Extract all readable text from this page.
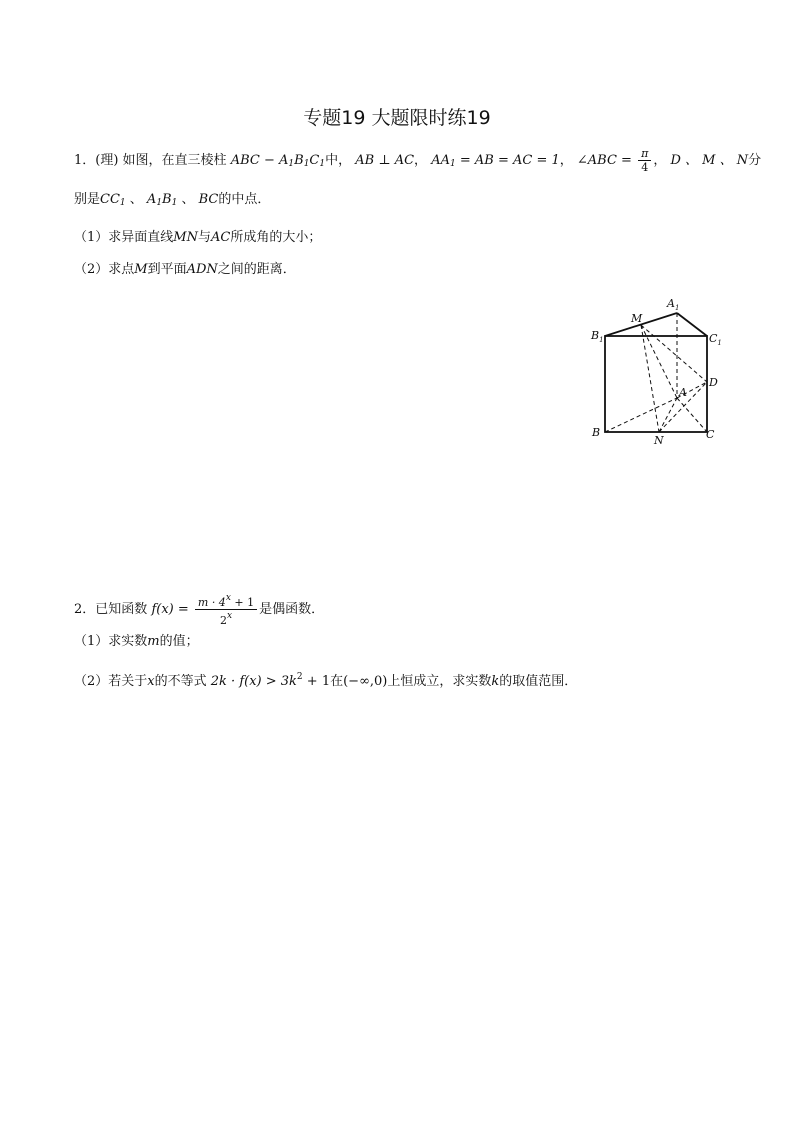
专题19 大题限时练19
1．(理) 如图，在直三棱柱 ABC − $A_1B_1C_1$中， AB ⊥ AC， $AA_1$ = AB = AC = 1， ∠ABC = $\frac{\pi}{4}$ ， D 、 M 、 N分
别是$CC_1$ 、 $A_1B_1$ 、 BC的中点．
（1）求异面直线MN与AC所成角的大小；
（2）求点M到平面ADN之间的距离．
$A_1$
$B_1$	$C_1$
M
D
A
B
N	C
2．已知函数 $f(x) = \frac{m \cdot 4^x + 1}{2^x}$ 是偶函数．
（1）求实数m的值；
（2）若关于x的不等式 $2k \cdot f(x) > 3k^2 + 1$在(−∞,0)上恒成立，求实数k的取值范围．
